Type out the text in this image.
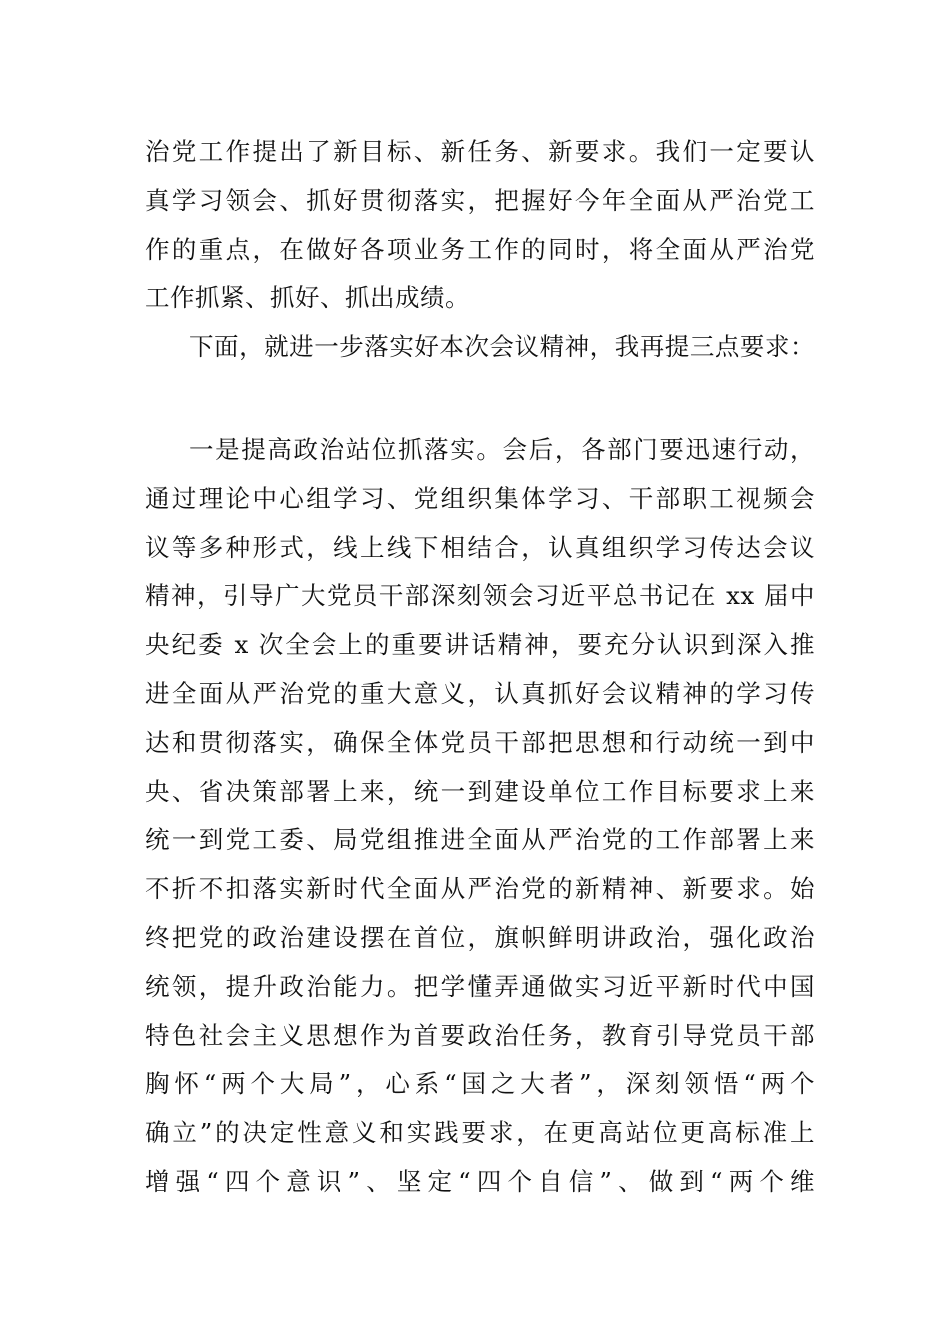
治党工作提出了新目标、新任务、新要求。我们一定要认
真学习领会、抓好贯彻落实，把握好今年全面从严治党工
作的重点，在做好各项业务工作的同时，将全面从严治党
工作抓紧、抓好、抓出成绩。
下面，就进一步落实好本次会议精神，我再提三点要求：
一是提高政治站位抓落实。会后，各部门要迅速行动，
通过理论中心组学习、党组织集体学习、干部职工视频会
议等多种形式，线上线下相结合，认真组织学习传达会议
精神，引导广大党员干部深刻领会习近平总书记在 xx 届中
央纪委 x 次全会上的重要讲话精神，要充分认识到深入推
进全面从严治党的重大意义，认真抓好会议精神的学习传
达和贯彻落实，确保全体党员干部把思想和行动统一到中
央、省决策部署上来，统一到建设单位工作目标要求上来
统一到党工委、局党组推进全面从严治党的工作部署上来
不折不扣落实新时代全面从严治党的新精神、新要求。始
终把党的政治建设摆在首位，旗帜鲜明讲政治，强化政治
统领，提升政治能力。把学懂弄通做实习近平新时代中国
特色社会主义思想作为首要政治任务，教育引导党员干部
胸怀“两个大局”，心系“国之大者”，深刻领悟“两个
确立”的决定性意义和实践要求，在更高站位更高标准上
增强“四个意识”、坚定“四个自信”、做到“两个维
